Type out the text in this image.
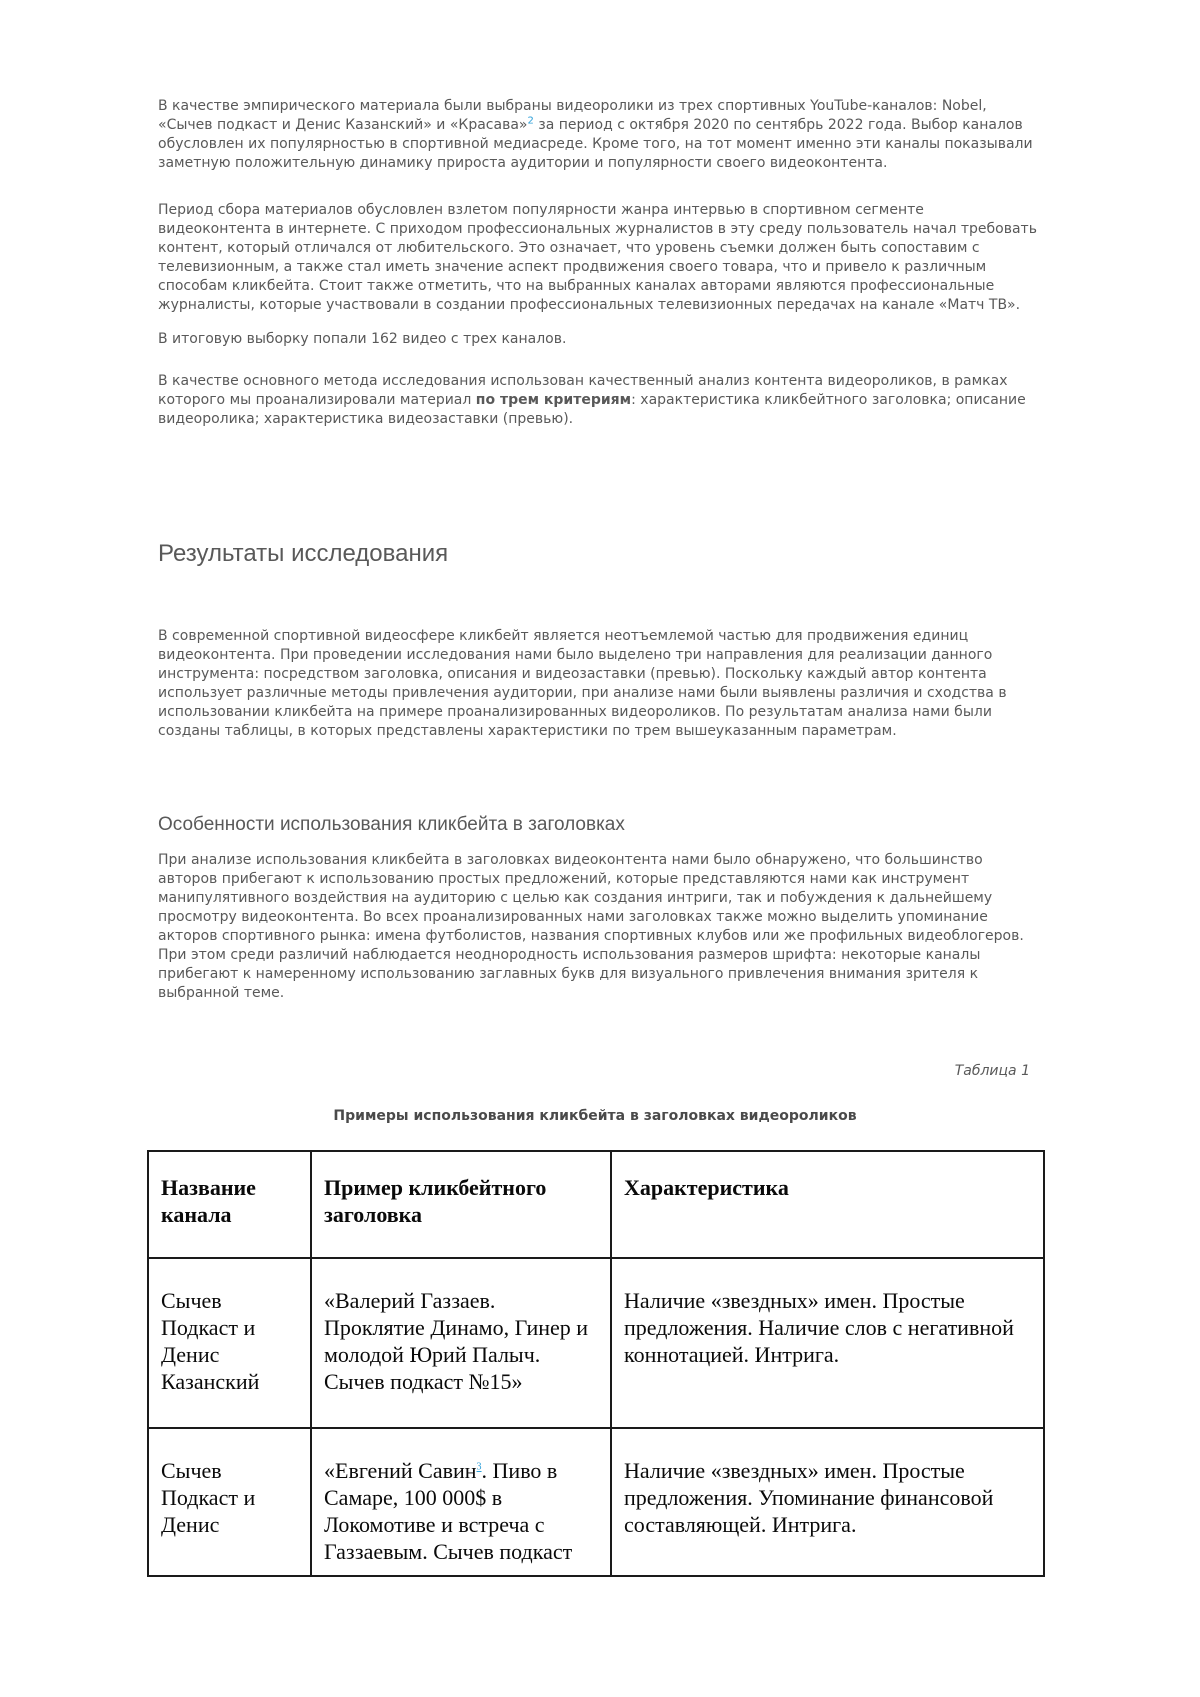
В качестве эмпирического материала были выбраны видеоролики из трех спортивных YouTube-каналов: Nobel, «Сычев подкаст и Денис Казанский» и «Красава»$^2$ за период с октября 2020 по сентябрь 2022 года. Выбор каналов обусловлен их популярностью в спортивной медиасреде. Кроме того, на тот момент именно эти каналы показывали заметную положительную динамику прироста аудитории и популярности своего видеоконтента.

Период сбора материалов обусловлен взлетом популярности жанра интервью в спортивном сегменте видеоконтента в интернете. С приходом профессиональных журналистов в эту среду пользователь начал требовать контент, который отличался от любительского. Это означает, что уровень съемки должен быть сопоставим с телевизионным, а также стал иметь значение аспект продвижения своего товара, что и привело к различным способам кликбейта. Стоит также отметить, что на выбранных каналах авторами являются профессиональные журналисты, которые участвовали в создании профессиональных телевизионных передачах на канале «Матч ТВ».

В итоговую выборку попали 162 видео с трех каналов.

В качестве основного метода исследования использован качественный анализ контента видеороликов, в рамках которого мы проанализировали материал по трем критериям: характеристика кликбейтного заголовка; описание видеоролика; характеристика видеозаставки (превью).

Результаты исследования

В современной спортивной видеосфере кликбейт является неотъемлемой частью для продвижения единиц видеоконтента. При проведении исследования нами было выделено три направления для реализации данного инструмента: посредством заголовка, описания и видеозаставки (превью). Поскольку каждый автор контента использует различные методы привлечения аудитории, при анализе нами были выявлены различия и сходства в использовании кликбейта на примере проанализированных видеороликов. По результатам анализа нами были созданы таблицы, в которых представлены характеристики по трем вышеуказанным параметрам.

Особенности использования кликбейта в заголовках

При анализе использования кликбейта в заголовках видеоконтента нами было обнаружено, что большинство авторов прибегают к использованию простых предложений, которые представляются нами как инструмент манипулятивного воздействия на аудиторию с целью как создания интриги, так и побуждения к дальнейшему просмотру видеоконтента. Во всех проанализированных нами заголовках также можно выделить упоминание акторов спортивного рынка: имена футболистов, названия спортивных клубов или же профильных видеоблогеров. При этом среди различий наблюдается неоднородность использования размеров шрифта: некоторые каналы прибегают к намеренному использованию заглавных букв для визуального привлечения внимания зрителя к выбранной теме.

Таблица 1

Примеры использования кликбейта в заголовках видеороликов

Название канала	Пример кликбейтного заголовка	Характеристика
Сычев Подкаст и Денис Казанский	«Валерий Газзаев. Проклятие Динамо, Гинер и молодой Юрий Палыч. Сычев подкаст №15»	Наличие «звездных» имен. Простые предложения. Наличие слов с негативной коннотацией. Интрига.
Сычев Подкаст и Денис	«Евгений Савин$^3$. Пиво в Самаре, 100 000$ в Локомотиве и встреча с Газзаевым. Сычев подкаст	Наличие «звездных» имен. Простые предложения. Упоминание финансовой составляющей. Интрига.
